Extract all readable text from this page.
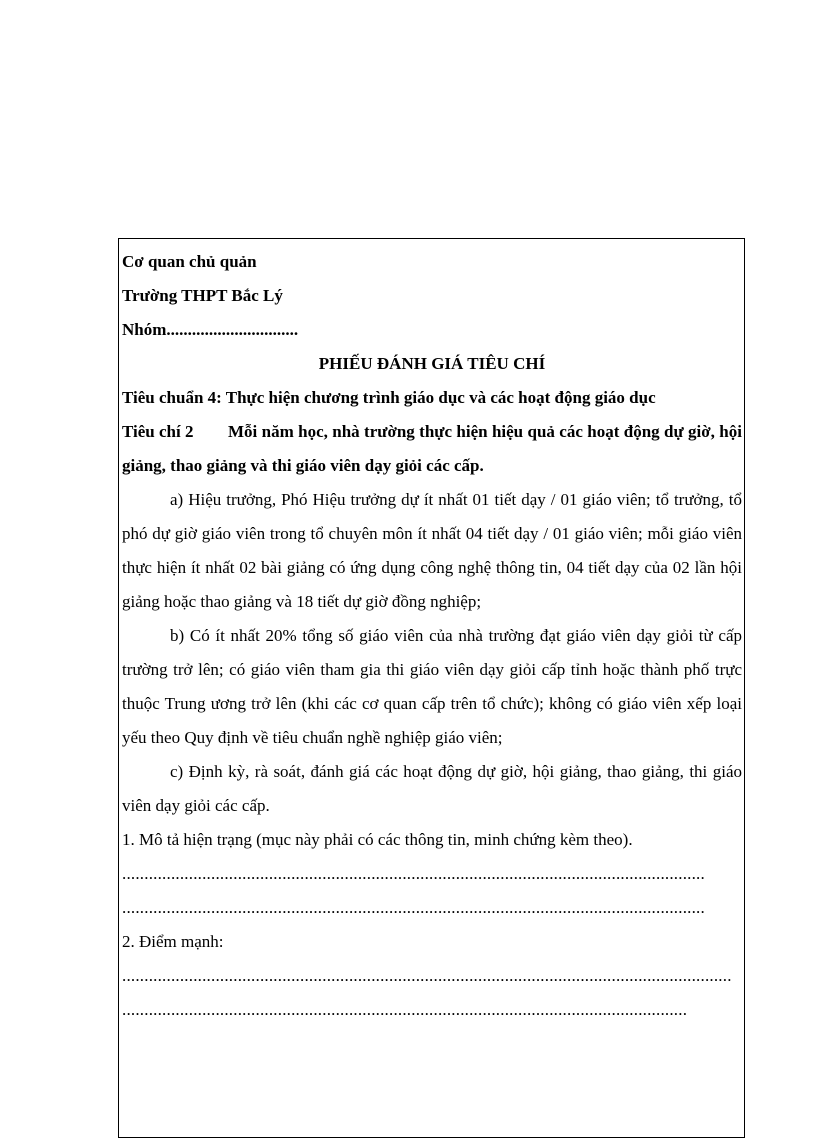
Cơ quan chủ quản
Trường THPT Bắc Lý
Nhóm...............................
PHIẾU ĐÁNH GIÁ TIÊU CHÍ
Tiêu chuẩn 4: Thực hiện chương trình giáo dục và các hoạt động giáo dục

Tiêu chí 2 Mỗi năm học, nhà trường thực hiện hiệu quả các hoạt động dự giờ, hội giảng, thao giảng và thi giáo viên dạy giỏi các cấp.

a) Hiệu trưởng, Phó Hiệu trưởng dự ít nhất 01 tiết dạy / 01 giáo viên; tổ trưởng, tổ phó dự giờ giáo viên trong tổ chuyên môn ít nhất 04 tiết dạy / 01 giáo viên; mỗi giáo viên thực hiện ít nhất 02 bài giảng có ứng dụng công nghệ thông tin, 04 tiết dạy của 02 lần hội giảng hoặc thao giảng và 18 tiết dự giờ đồng nghiệp;

b) Có ít nhất 20% tổng số giáo viên của nhà trường đạt giáo viên dạy giỏi từ cấp trường trở lên; có giáo viên tham gia thi giáo viên dạy giỏi cấp tỉnh hoặc thành phố trực thuộc Trung ương trở lên (khi các cơ quan cấp trên tổ chức); không có giáo viên xếp loại yếu theo Quy định về tiêu chuẩn nghề nghiệp giáo viên;

c) Định kỳ, rà soát, đánh giá các hoạt động dự giờ, hội giảng, thao giảng, thi giáo viên dạy giỏi các cấp.

1. Mô tả hiện trạng (mục này phải có các thông tin, minh chứng kèm theo).
...................................................................................................................................
...................................................................................................................................
2. Điểm mạnh:
.........................................................................................................................................
...............................................................................................................................
